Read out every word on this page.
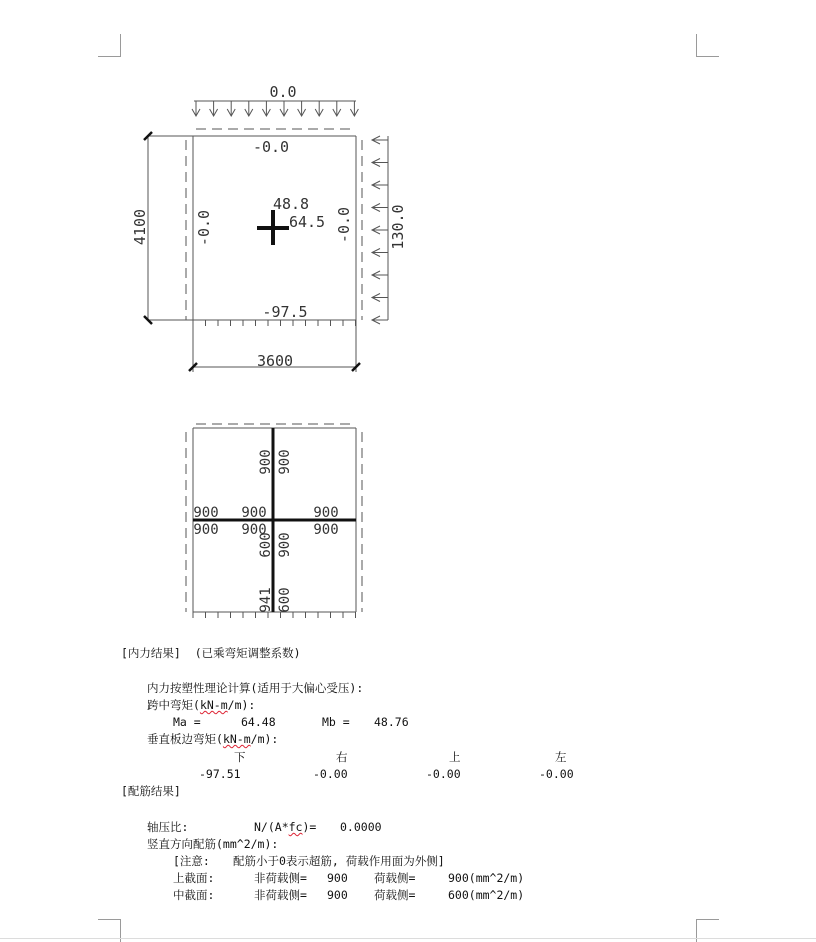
0.0
-0.0
48.8
64.5
-97.5
-0.0	-0.0 130.0
4100
3600
900 900
900
900
900
900
900
900
600 900
941 600
[内力结果]  (已乘弯矩调整系数)
内力按塑性理论计算(适用于大偏心受压):
跨中弯矩(kN-m/m):
Ma =	64.48	Mb = 48.76
垂直板边弯矩(kN-m/m):
下	右	上	左
-97.51	-0.00	-0.00	-0.00
[配筋结果]
轴压比:	N/(A*fc)= 0.0000
竖直方向配筋(mm^2/m):
[注意: 配筋小于0表示超筋, 荷载作用面为外侧]
上截面:	非荷载侧= 900 荷载侧=	900(mm^2/m)
中截面:	非荷载侧= 900 荷载侧=	600(mm^2/m)
